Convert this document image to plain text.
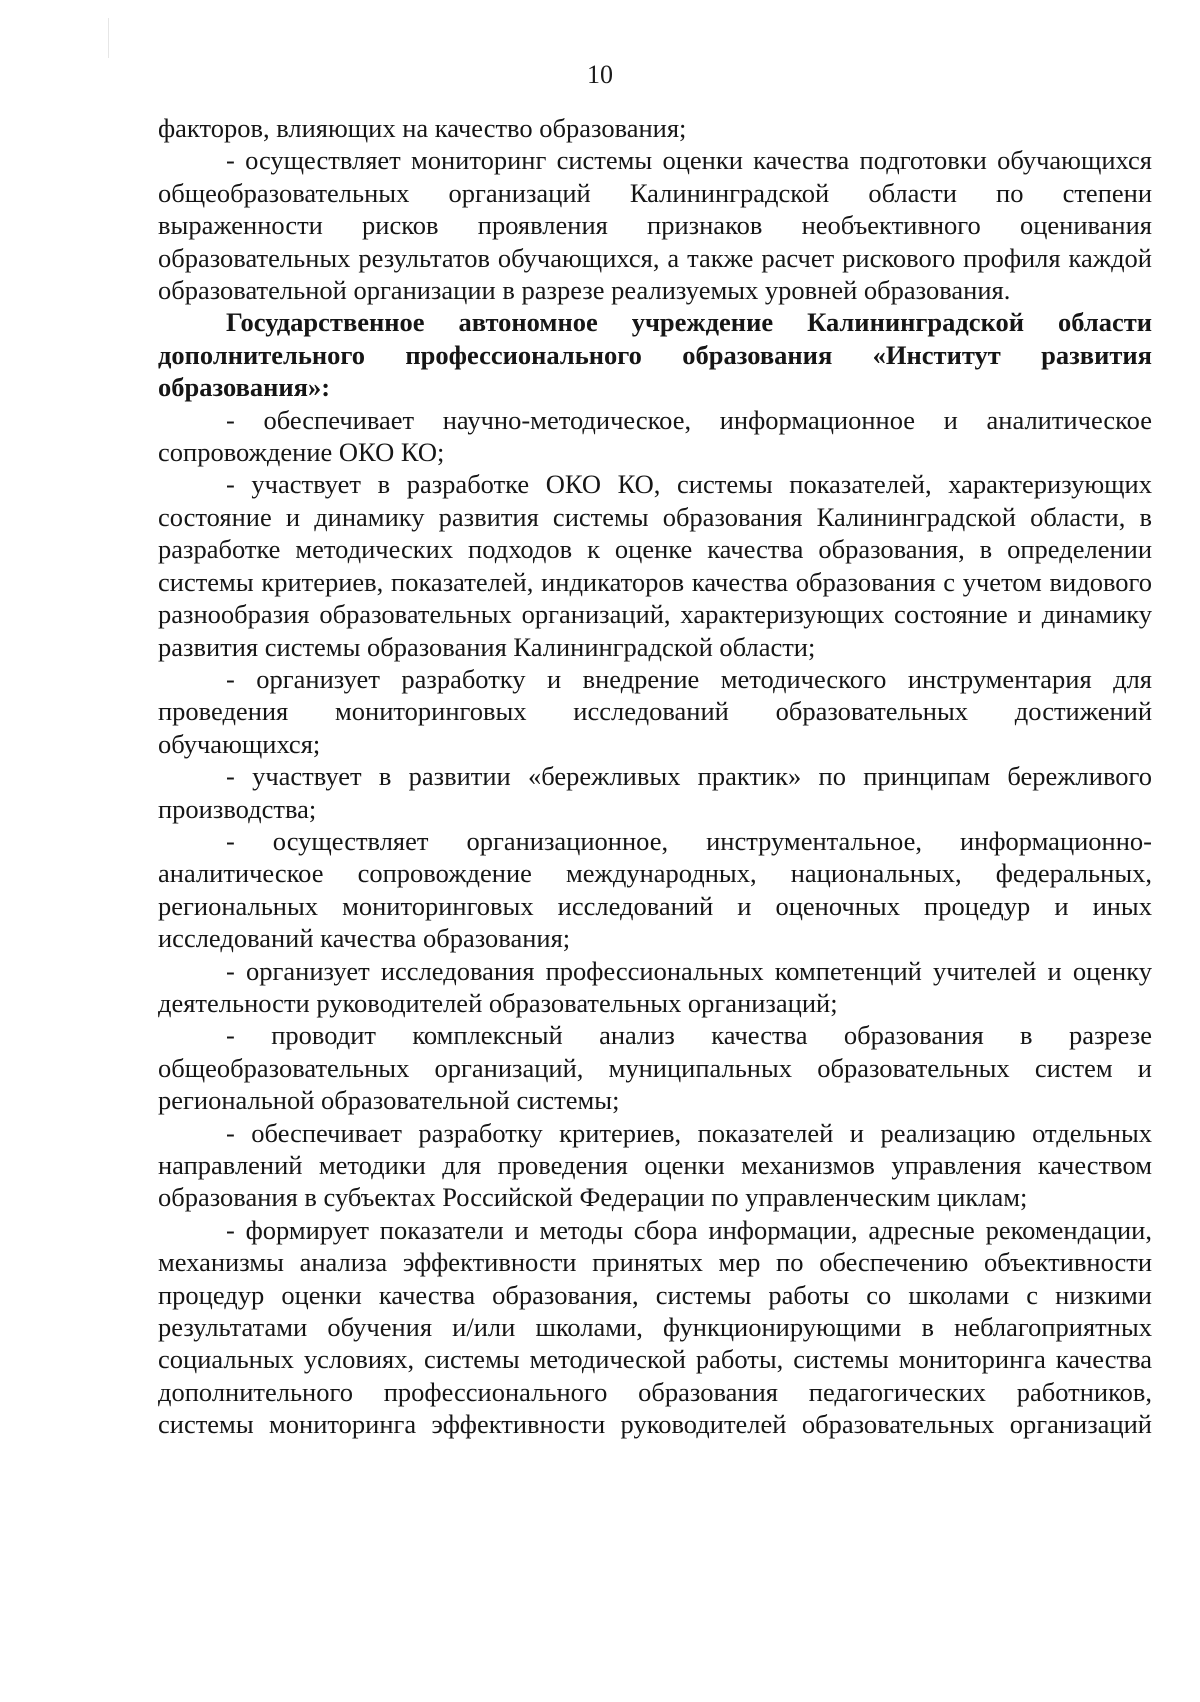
10

факторов, влияющих на качество образования;

- осуществляет мониторинг системы оценки качества подготовки обучающихся общеобразовательных организаций Калининградской области по степени выраженности рисков проявления признаков необъективного оценивания образовательных результатов обучающихся, а также расчет рискового профиля каждой образовательной организации в разрезе реализуемых уровней образования.

Государственное автономное учреждение Калининградской области дополнительного профессионального образования «Институт развития образования»:

- обеспечивает научно-методическое, информационное и аналитическое сопровождение ОКО КО;

- участвует в разработке ОКО КО, системы показателей, характеризующих состояние и динамику развития системы образования Калининградской области, в разработке методических подходов к оценке качества образования, в определении системы критериев, показателей, индикаторов качества образования с учетом видового разнообразия образовательных организаций, характеризующих состояние и динамику развития системы образования Калининградской области;

- организует разработку и внедрение методического инструментария для проведения мониторинговых исследований образовательных достижений обучающихся;

- участвует в развитии «бережливых практик» по принципам бережливого производства;

- осуществляет организационное, инструментальное, информационно-аналитическое сопровождение международных, национальных, федеральных, региональных мониторинговых исследований и оценочных процедур и иных исследований качества образования;

- организует исследования профессиональных компетенций учителей и оценку деятельности руководителей образовательных организаций;

- проводит комплексный анализ качества образования в разрезе общеобразовательных организаций, муниципальных образовательных систем и региональной образовательной системы;

- обеспечивает разработку критериев, показателей и реализацию отдельных направлений методики для проведения оценки механизмов управления качеством образования в субъектах Российской Федерации по управленческим циклам;

- формирует показатели и методы сбора информации, адресные рекомендации, механизмы анализа эффективности принятых мер по обеспечению объективности процедур оценки качества образования, системы работы со школами с низкими результатами обучения и/или школами, функционирующими в неблагоприятных социальных условиях, системы методической работы, системы мониторинга качества дополнительного профессионального образования педагогических работников, системы мониторинга эффективности руководителей образовательных организаций
